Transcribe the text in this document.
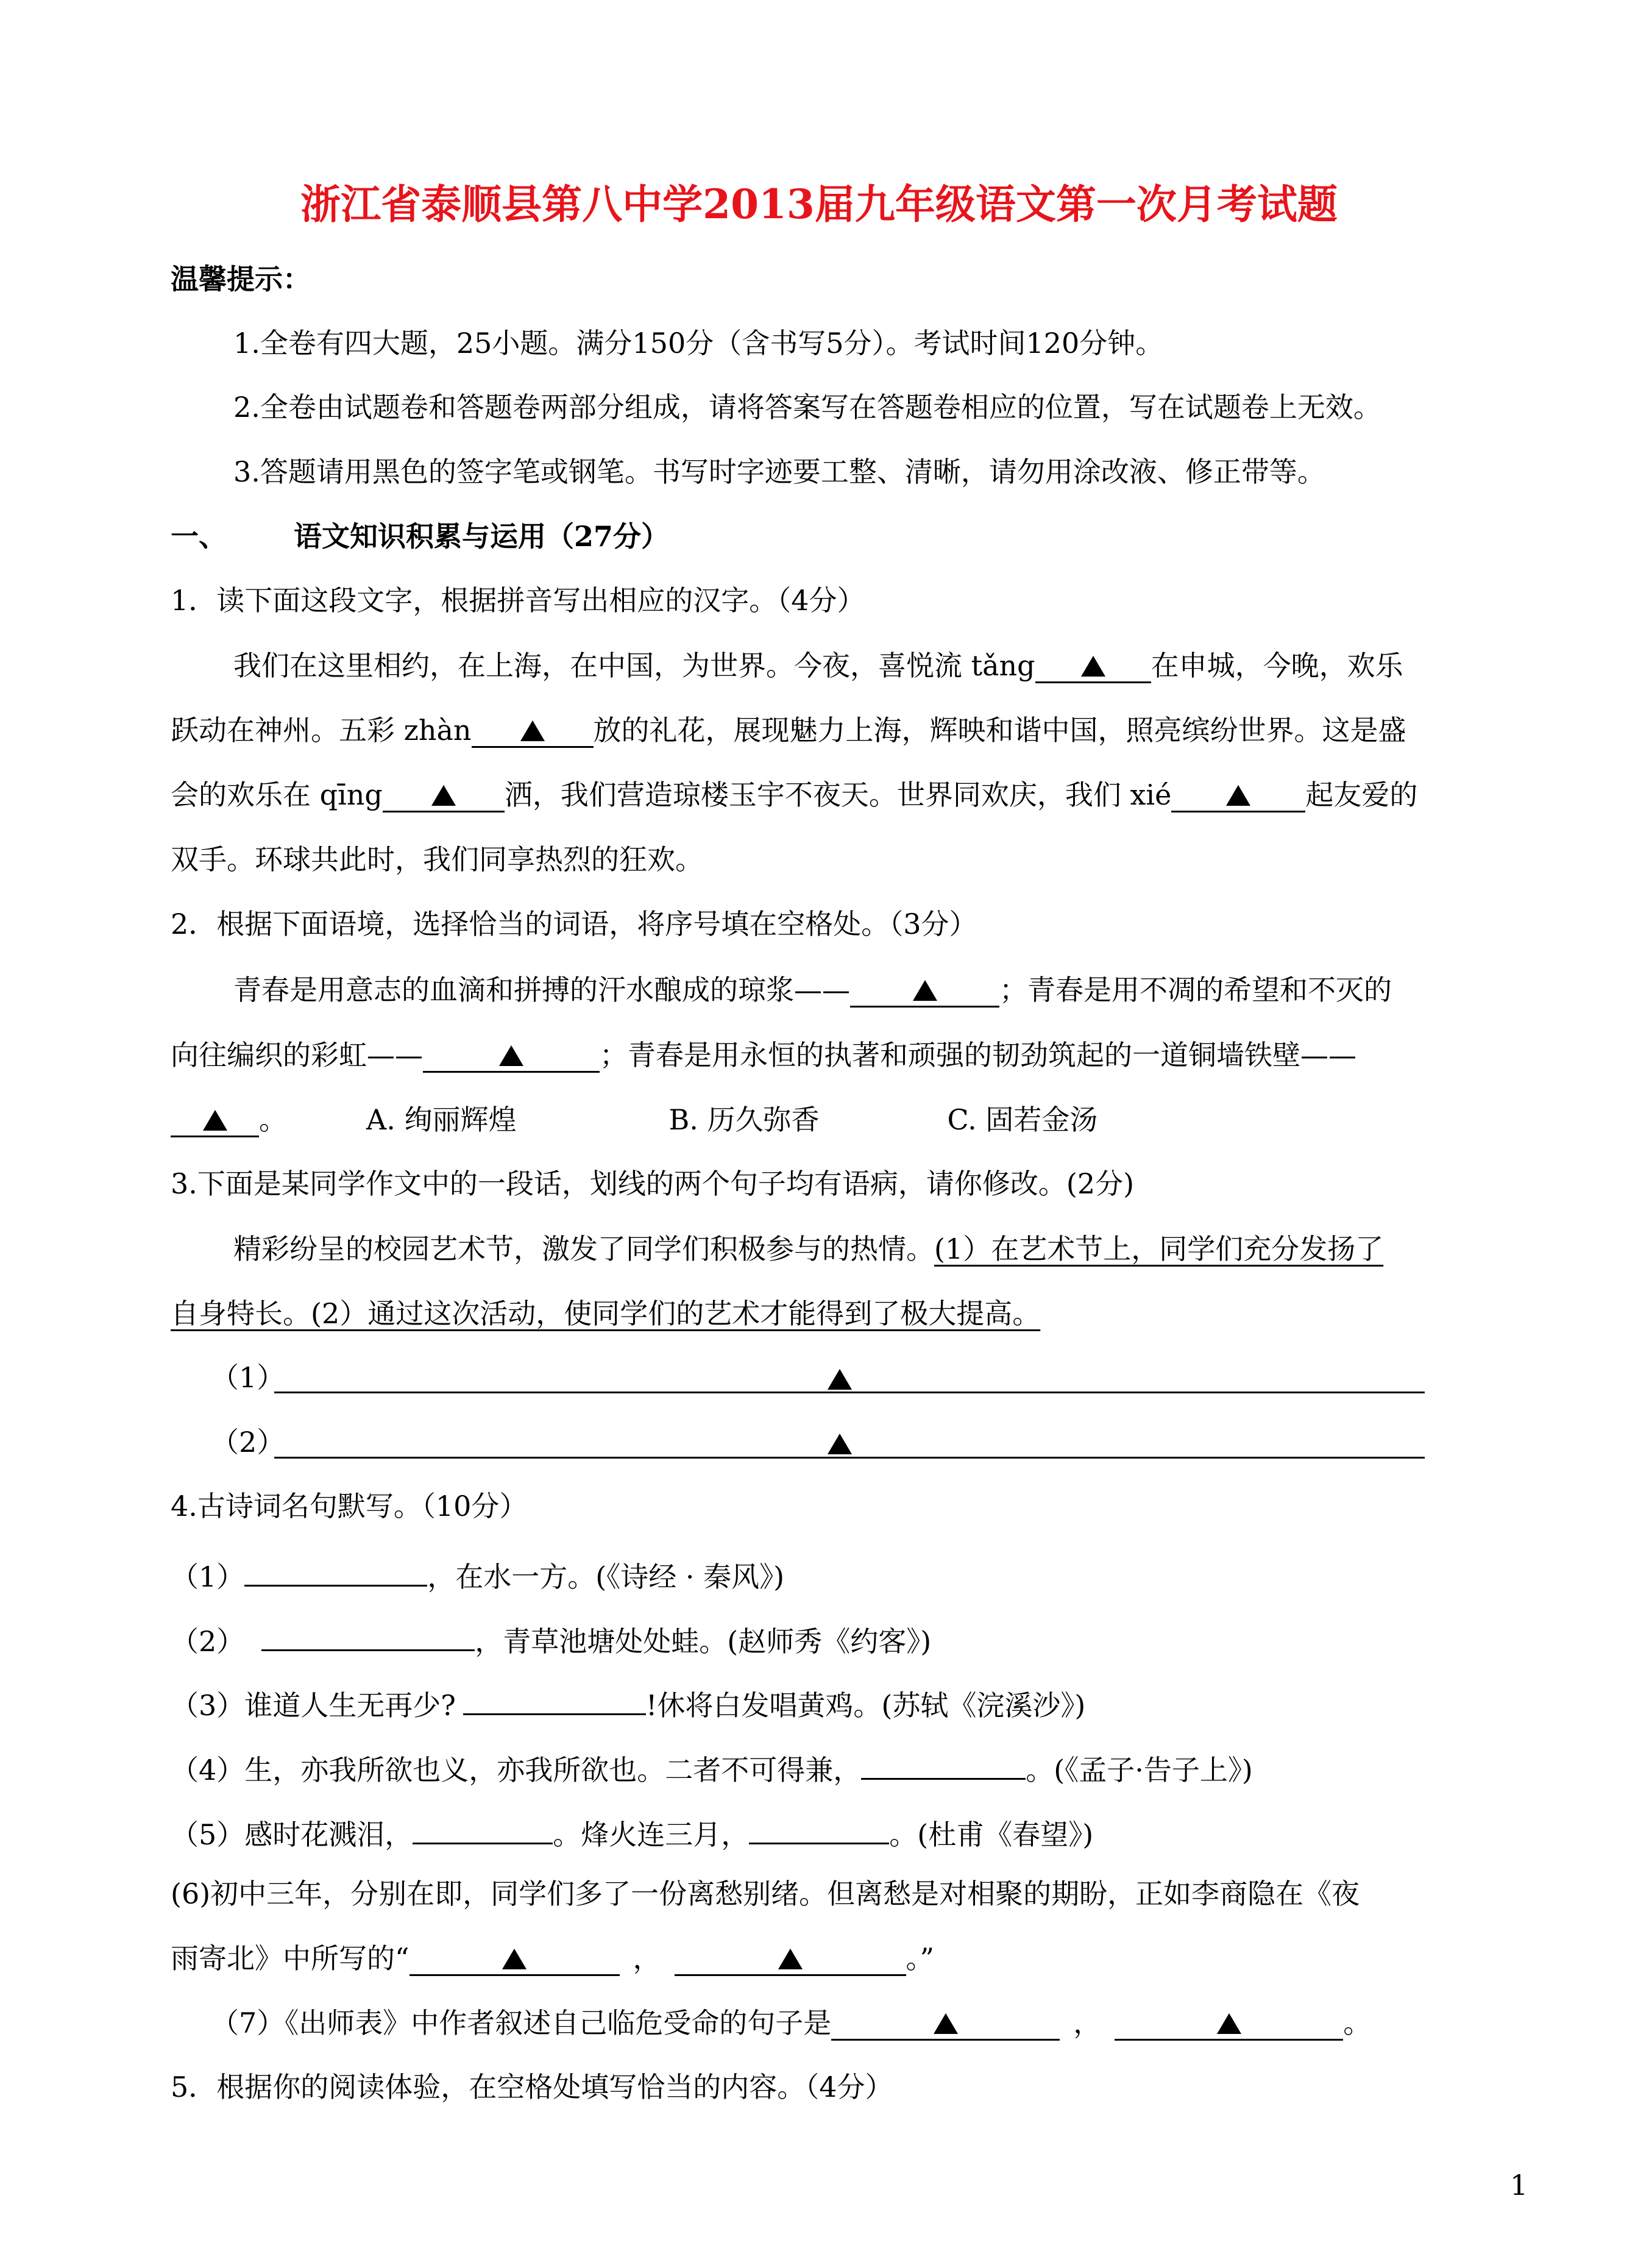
浙江省泰顺县第八中学2013届九年级语文第一次月考试题
温馨提示：
1.全卷有四大题，25小题。满分150分（含书写5分）。考试时间120分钟。
2.全卷由试题卷和答题卷两部分组成，请将答案写在答题卷相应的位置，写在试题卷上无效。
3.答题请用黑色的签字笔或钢笔。书写时字迹要工整、清晰，请勿用涂改液、修正带等。
一、 语文知识积累与运用（27分）
1．读下面这段文字，根据拼音写出相应的汉字。（4分）
我们在这里相约，在上海，在中国，为世界。今夜，喜悦流 tǎng	在申城，今晚，欢乐
跃动在神州。五彩 zhàn	放的礼花，展现魅力上海，辉映和谐中国，照亮缤纷世界。这是盛
会的欢乐在 qīng	洒，我们营造琼楼玉宇不夜天。世界同欢庆，我们 xié	起友爱的
双手。环球共此时，我们同享热烈的狂欢。
2．根据下面语境，选择恰当的词语，将序号填在空格处。（3分）
青春是用意志的血滴和拼搏的汗水酿成的琼浆——	；青春是用不凋的希望和不灭的
向往编织的彩虹——	；青春是用永恒的执著和顽强的韧劲筑起的一道铜墙铁壁——
。	A. 绚丽辉煌	B. 历久弥香	C. 固若金汤
3.下面是某同学作文中的一段话，划线的两个句子均有语病，请你修改。(2分)
精彩纷呈的校园艺术节，激发了同学们积极参与的热情。(1）在艺术节上，同学们充分发扬了
自身特长。(2）通过这次活动，使同学们的艺术才能得到了极大提高。
（1）
（2）
4.古诗词名句默写。（10分）
（1）	，在水一方。(《诗经 · 秦风》)
（2）	，青草池塘处处蛙。(赵师秀《约客》)
（3）谁道人生无再少?	!休将白发唱黄鸡。(苏轼《浣溪沙》)
（4）生，亦我所欲也义，亦我所欲也。二者不可得兼，	。(《孟子·告子上》)
（5）感时花溅泪，	。烽火连三月，	。(杜甫《春望》)
(6)初中三年，分别在即，同学们多了一份离愁别绪。但离愁是对相聚的期盼，正如李商隐在《夜
雨寄北》中所写的“	，	。”
（7）《出师表》中作者叙述自己临危受命的句子是	，	。
5．根据你的阅读体验，在空格处填写恰当的内容。（4分）
1
